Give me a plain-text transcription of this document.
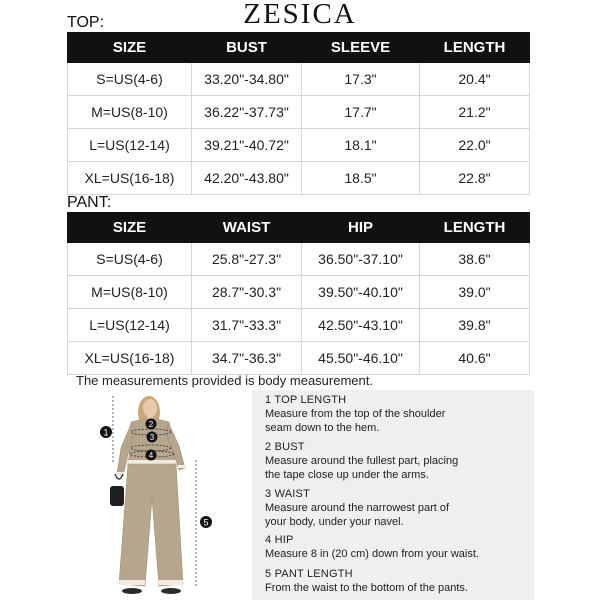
ZESICA
TOP:
SIZE	BUST	SLEEVE	LENGTH
S=US(4-6)	33.20"-34.80"	17.3"	20.4"
M=US(8-10)	36.22"-37.73"	17.7"	21.2"
L=US(12-14)	39.21"-40.72"	18.1"	22.0"
XL=US(16-18)	42.20"-43.80"	18.5"	22.8"
PANT:
SIZE	WAIST	HIP	LENGTH
S=US(4-6)	25.8"-27.3"	36.50"-37.10"	38.6"
M=US(8-10)	28.7"-30.3"	39.50"-40.10"	39.0"
L=US(12-14)	31.7"-33.3"	42.50"-43.10"	39.8"
XL=US(16-18)	34.7"-36.3"	45.50"-46.10"	40.6"
The measurements provided is body measurement.
1
2
3
4
5
1 TOP LENGTH
Measure from the top of the shoulder
seam down to the hem.
2 BUST
Measure around the fullest part, placing
the tape close up under the arms.
3 WAIST
Measure around the narrowest part of
your body, under your navel.
4 HIP
Measure 8 in (20 cm) down from your waist.
5 PANT LENGTH
From the waist to the bottom of the pants.
